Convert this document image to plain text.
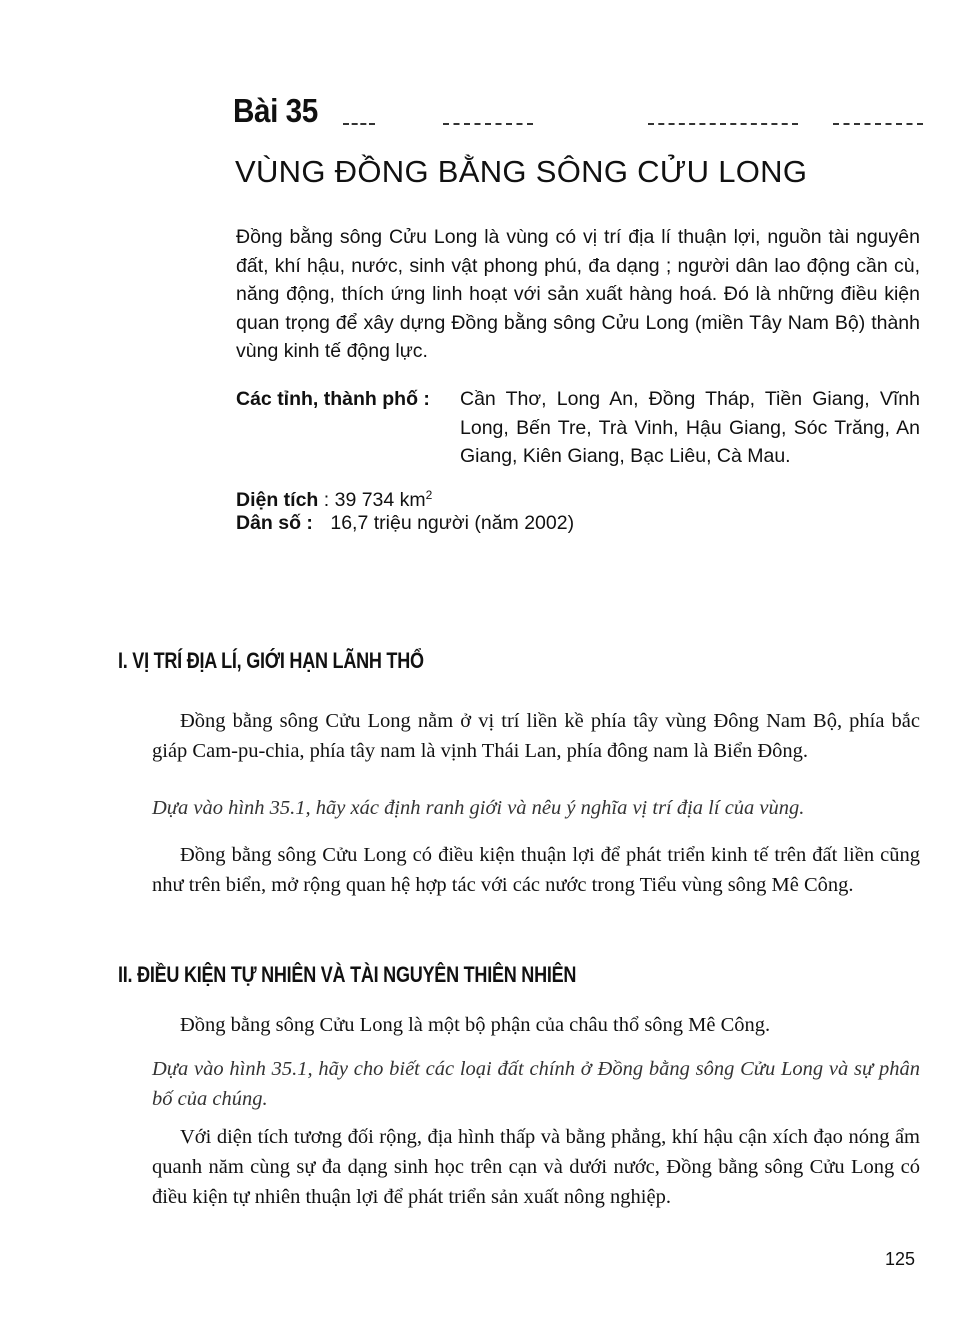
Bài 35
VÙNG ĐỒNG BẰNG SÔNG CỬU LONG
Đồng bằng sông Cửu Long là vùng có vị trí địa lí thuận lợi, nguồn tài nguyên đất, khí hậu, nước, sinh vật phong phú, đa dạng ; người dân lao động cần cù, năng động, thích ứng linh hoạt với sản xuất hàng hoá. Đó là những điều kiện quan trọng để xây dựng Đồng bằng sông Cửu Long (miền Tây Nam Bộ) thành vùng kinh tế động lực.
Các tỉnh, thành phố : Cần Thơ, Long An, Đồng Tháp, Tiền Giang, Vĩnh Long, Bến Tre, Trà Vinh, Hậu Giang, Sóc Trăng, An Giang, Kiên Giang, Bạc Liêu, Cà Mau.
Diện tích : 39 734 $km^2$
Dân số : 16,7 triệu người (năm 2002)
I. VỊ TRÍ ĐỊA LÍ, GIỚI HẠN LÃNH THỔ
Đồng bằng sông Cửu Long nằm ở vị trí liền kề phía tây vùng Đông Nam Bộ, phía bắc giáp Cam-pu-chia, phía tây nam là vịnh Thái Lan, phía đông nam là Biển Đông.
Dựa vào hình 35.1, hãy xác định ranh giới và nêu ý nghĩa vị trí địa lí của vùng.
Đồng bằng sông Cửu Long có điều kiện thuận lợi để phát triển kinh tế trên đất liền cũng như trên biển, mở rộng quan hệ hợp tác với các nước trong Tiểu vùng sông Mê Công.
II. ĐIỀU KIỆN TỰ NHIÊN VÀ TÀI NGUYÊN THIÊN NHIÊN
Đồng bằng sông Cửu Long là một bộ phận của châu thổ sông Mê Công.
Dựa vào hình 35.1, hãy cho biết các loại đất chính ở Đồng bằng sông Cửu Long và sự phân bố của chúng.
Với diện tích tương đối rộng, địa hình thấp và bằng phẳng, khí hậu cận xích đạo nóng ẩm quanh năm cùng sự đa dạng sinh học trên cạn và dưới nước, Đồng bằng sông Cửu Long có điều kiện tự nhiên thuận lợi để phát triển sản xuất nông nghiệp.
125
